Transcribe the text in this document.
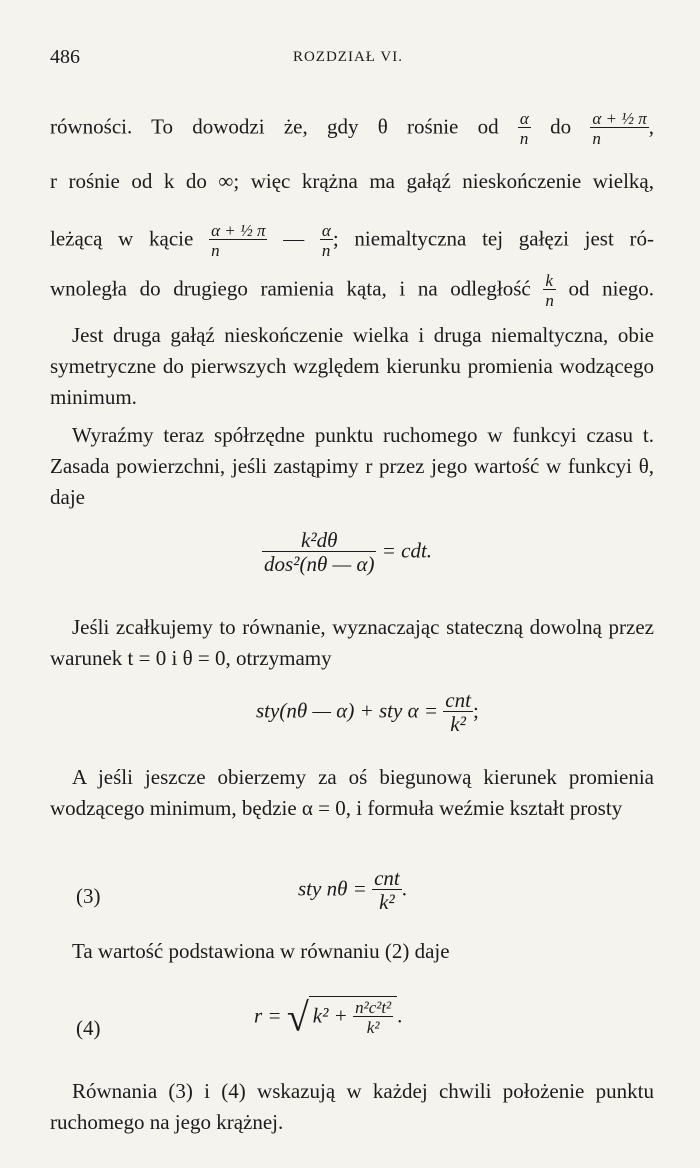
486	ROZDZIAŁ VI.
równości. To dowodzi że, gdy θ rośnie od $\frac{\alpha}{n}$ do $\frac{\text{α + ½ π}}{n}$ ,
r rośnie od k do ∞; więc krążna ma gałąź nieskończenie wielką,
leżącą w kącie $\frac{\text{α + ½ π}}{n}$ — $\frac{\alpha}{n}$ ; niemaltyczna tej gałęzi jest ró-
wnoległa do drugiego ramienia kąta, i na odległość $\frac{k}{n}$ od niego.
Jest druga gałąź nieskończenie wielka i druga niemaltyczna, obie symetryczne do pierwszych względem kierunku promienia wodzącego minimum.
Wyraźmy teraz spółrzędne punktu ruchomego w funkcyi czasu t. Zasada powierzchni, jeśli zastąpimy r przez jego wartość w funkcyi θ, daje
$\frac{\text{k²dθ}}{\text{dos²(nθ — α)}}$ = cdt.
Jeśli zcałkujemy to równanie, wyznaczając stateczną dowolną przez warunek t = 0 i θ = 0, otrzymamy
sty(nθ — α) + sty $\alpha = \frac{\text{cnt}}{\text{k²}}$ ;
A jeśli jeszcze obierzemy za oś biegunową kierunek promienia wodzącego minimum, będzie α = 0, i formuła weźmie kształt prosty
(3)	sty $n\theta = \frac{\text{cnt}}{\text{k²}}$ .
Ta wartość podstawiona w równaniu (2) daje
(4)
r = √ $k^2 + \frac{\text{n²c²t²}}{\text{k²}}$ .
Równania (3) i (4) wskazują w każdej chwili położenie punktu ruchomego na jego krążnej.
